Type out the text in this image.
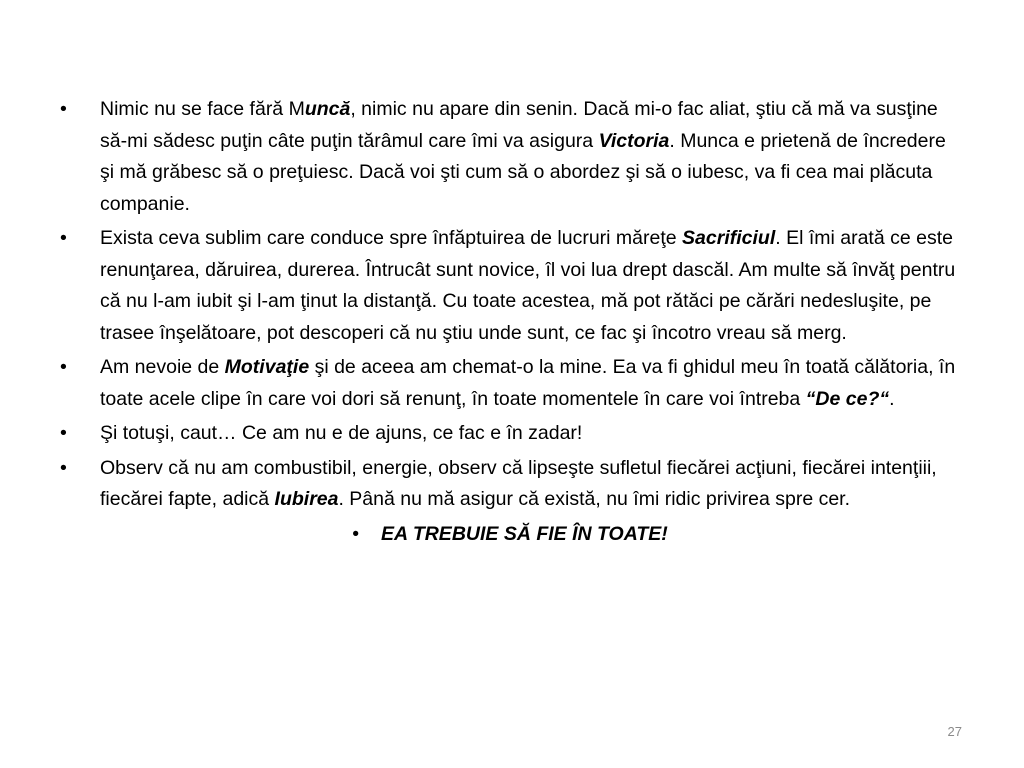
•	Nimic nu se face fără Muncă, nimic nu apare din senin. Dacă mi-o fac aliat, ştiu că mă va susţine să-mi sădesc puţin câte puţin tărâmul care îmi va asigura Victoria. Munca e prietenă de încredere şi mă grăbesc să o preţuiesc. Dacă voi şti cum să o abordez şi să o iubesc, va fi cea mai plăcuta companie.
•	Exista ceva sublim care conduce spre înfăptuirea de lucruri măreţe Sacrificiul. El îmi arată ce este renunţarea, dăruirea, durerea. Întrucât sunt novice, îl voi lua drept dascăl. Am multe să învăţ pentru că nu l-am iubit şi l-am ţinut la distanţă. Cu toate acestea, mă pot rătăci pe cărări nedesluşite, pe trasee înşelătoare, pot descoperi că nu ştiu unde sunt, ce fac şi încotro vreau să merg.
•	Am nevoie de Motivaţie şi de aceea am chemat-o la mine. Ea va fi ghidul meu în toată călătoria, în toate acele clipe în care voi dori să renunţ, în toate momentele în care voi întreba “De ce?“.
•	Şi totuşi, caut… Ce am nu e de ajuns, ce fac e în zadar!
•	Observ că nu am combustibil, energie, observ că lipseşte sufletul fiecărei acţiuni, fiecărei intenţiii, fiecărei fapte, adică Iubirea. Până nu mă asigur că există, nu îmi ridic privirea spre cer.
• EA TREBUIE SĂ FIE ÎN TOATE!
27
